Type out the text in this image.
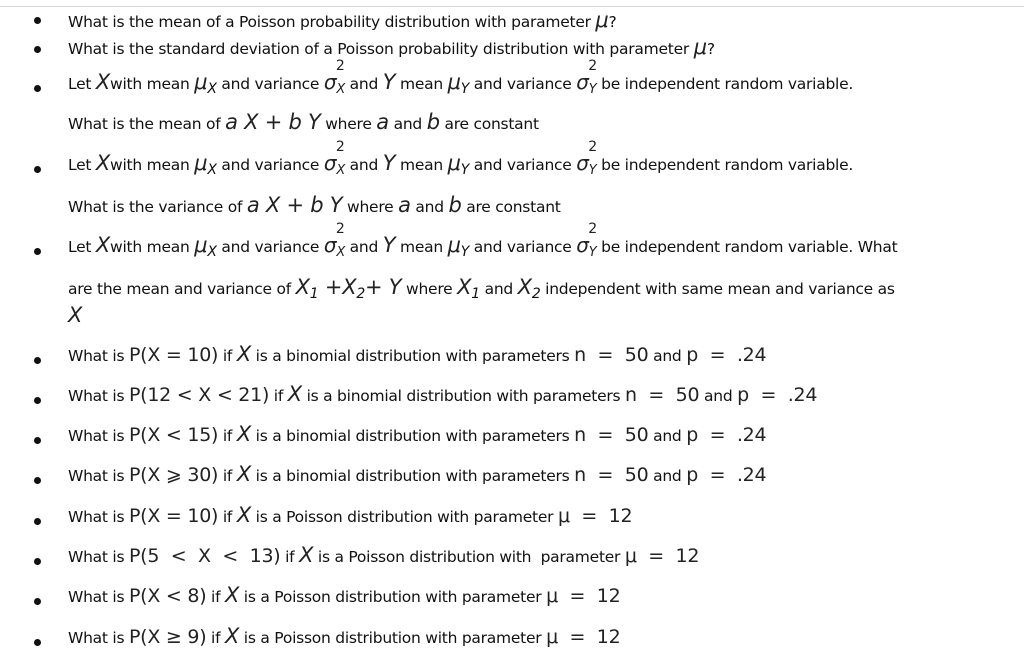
What is the mean of a Poisson probability distribution with parameter μ?
What is the standard deviation of a Poisson probability distribution with parameter μ?
Let Xwith mean μX and variance σ
2
$_X$ and Y mean μY and variance σ
2
$_Y$ be independent random variable.
What is the mean of a X + b Y where a and b are constant
Let Xwith mean μX and variance σ
2
$_X$ and Y mean μY and variance σ
2
$_Y$ be independent random variable.
What is the variance of a X + b Y where a and b are constant
Let Xwith mean μX and variance σ
2
$_X$ and Y mean μY and variance σ
2
$_Y$ be independent random variable. What
are the mean and variance of X1 +X2+ Y where X1 and X2 independent with same mean and variance as
X
What is P(X = 10) if X is a binomial distribution with parameters n  =  50 and p  =  .24
What is P(12 < X < 21) if X is a binomial distribution with parameters n  =  50 and p  =  .24
What is P(X < 15) if X is a binomial distribution with parameters n  =  50 and p  =  .24
What is P(X ⩾ 30) if X is a binomial distribution with parameters n  =  50 and p  =  .24
What is P(X = 10) if X is a Poisson distribution with parameter μ  =  12
What is P(5  <  X  <  13) if X is a Poisson distribution with  parameter μ  =  12
What is P(X < 8) if X is a Poisson distribution with parameter μ  =  12
What is P(X ≥ 9) if X is a Poisson distribution with parameter μ  =  12
